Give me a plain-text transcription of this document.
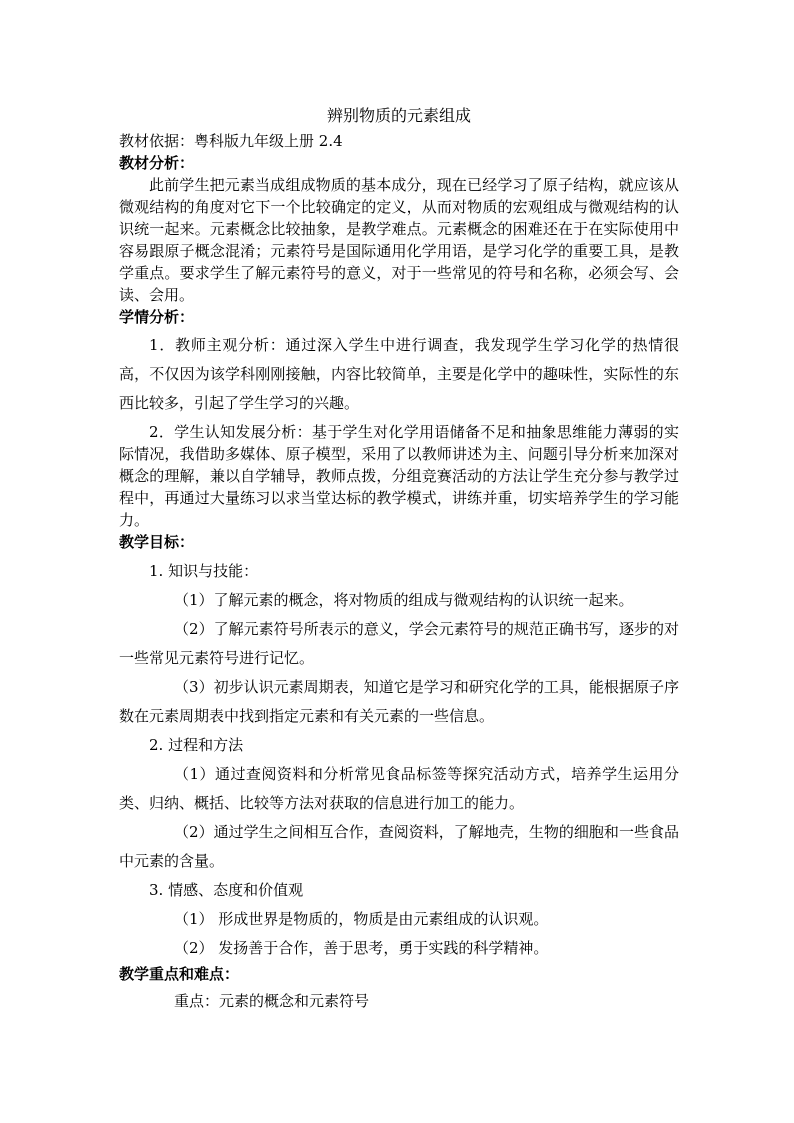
辨别物质的元素组成

教材依据：粤科版九年级上册 2.4

教材分析：

此前学生把元素当成组成物质的基本成分，现在已经学习了原子结构，就应该从微观结构的角度对它下一个比较确定的定义，从而对物质的宏观组成与微观结构的认识统一起来。元素概念比较抽象，是教学难点。元素概念的困难还在于在实际使用中容易跟原子概念混淆；元素符号是国际通用化学用语，是学习化学的重要工具，是教学重点。要求学生了解元素符号的意义，对于一些常见的符号和名称，必须会写、会读、会用。

学情分析：

1．教师主观分析：通过深入学生中进行调查，我发现学生学习化学的热情很高，不仅因为该学科刚刚接触，内容比较简单，主要是化学中的趣味性，实际性的东西比较多，引起了学生学习的兴趣。

2．学生认知发展分析：基于学生对化学用语储备不足和抽象思维能力薄弱的实际情况，我借助多媒体、原子模型，采用了以教师讲述为主、问题引导分析来加深对概念的理解，兼以自学辅导，教师点拨，分组竞赛活动的方法让学生充分参与教学过程中，再通过大量练习以求当堂达标的教学模式，讲练并重，切实培养学生的学习能力。

教学目标：

1. 知识与技能：

（1）了解元素的概念，将对物质的组成与微观结构的认识统一起来。

（2）了解元素符号所表示的意义，学会元素符号的规范正确书写，逐步的对一些常见元素符号进行记忆。

（3）初步认识元素周期表，知道它是学习和研究化学的工具，能根据原子序数在元素周期表中找到指定元素和有关元素的一些信息。

2. 过程和方法

（1）通过查阅资料和分析常见食品标签等探究活动方式，培养学生运用分类、归纳、概括、比较等方法对获取的信息进行加工的能力。

（2）通过学生之间相互合作，查阅资料，了解地壳，生物的细胞和一些食品中元素的含量。

3. 情感、态度和价值观

（1） 形成世界是物质的，物质是由元素组成的认识观。

（2） 发扬善于合作，善于思考，勇于实践的科学精神。

教学重点和难点：

重点：元素的概念和元素符号
